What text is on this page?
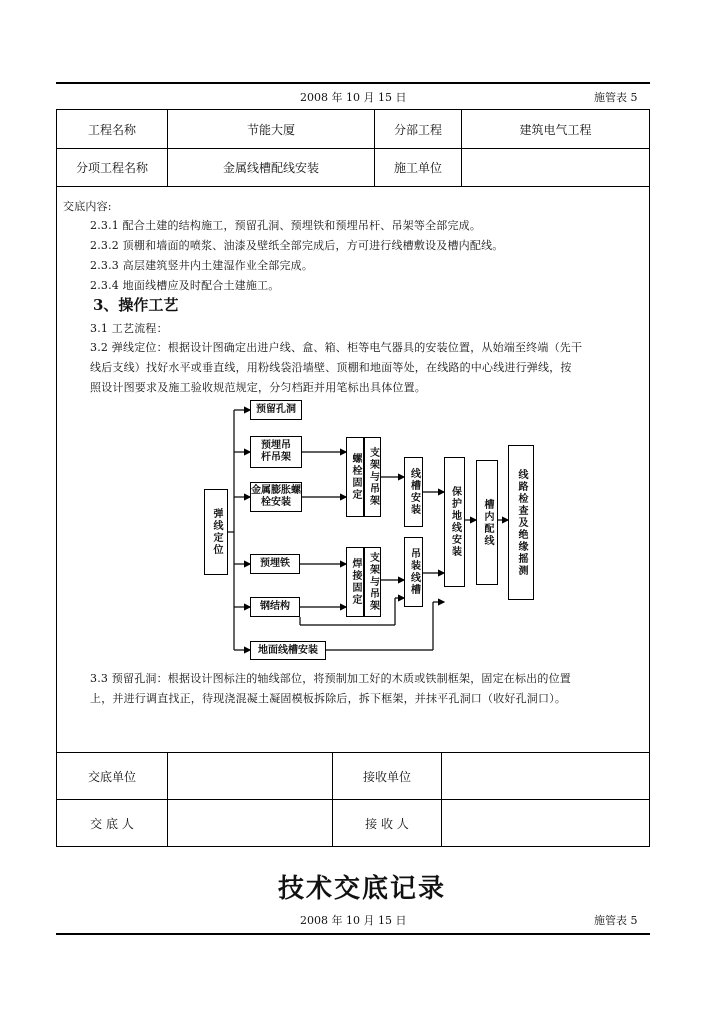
2008 年 10 月 15 日	施管表 5
工程名称	节能大厦	分部工程	建筑电气工程
分项工程名称	金属线槽配线安装	施工单位	
交底内容:
2.3.1 配合土建的结构施工，预留孔洞、预埋铁和预埋吊杆、吊架等全部完成。
2.3.2 顶棚和墙面的喷浆、油漆及壁纸全部完成后，方可进行线槽敷设及槽内配线。
2.3.3 高层建筑竖井内土建湿作业全部完成。
2.3.4 地面线槽应及时配合土建施工。
3、操作工艺
3.1 工艺流程：
3.2 弹线定位：根据设计图确定出进户线、盒、箱、柜等电气器具的安装位置，从始端至终端（先干
线后支线）找好水平或垂直线，用粉线袋沿墙壁、顶棚和地面等处，在线路的中心线进行弹线，按
照设计图要求及施工验收规范规定，分匀档距并用笔标出具体位置。
3.3 预留孔洞：根据设计图标注的轴线部位，将预制加工好的木质或铁制框架，固定在标出的位置
上，并进行调直找正，待现浇混凝土凝固模板拆除后，拆下框架，并抹平孔洞口（收好孔洞口）。
弹线定位
预留孔洞
预埋吊杆吊架
金属膨胀螺栓安装
预埋铁
钢结构
地面线槽安装
螺栓固定 支架与吊架
焊接固定 支架与吊架
线槽安装
吊装线槽
保护地线安装	槽内配线	线路检查及绝缘摇测
交底单位		接收单位	
交 底 人		接 收 人	
技术交底记录
2008 年 10 月 15 日	施管表 5
